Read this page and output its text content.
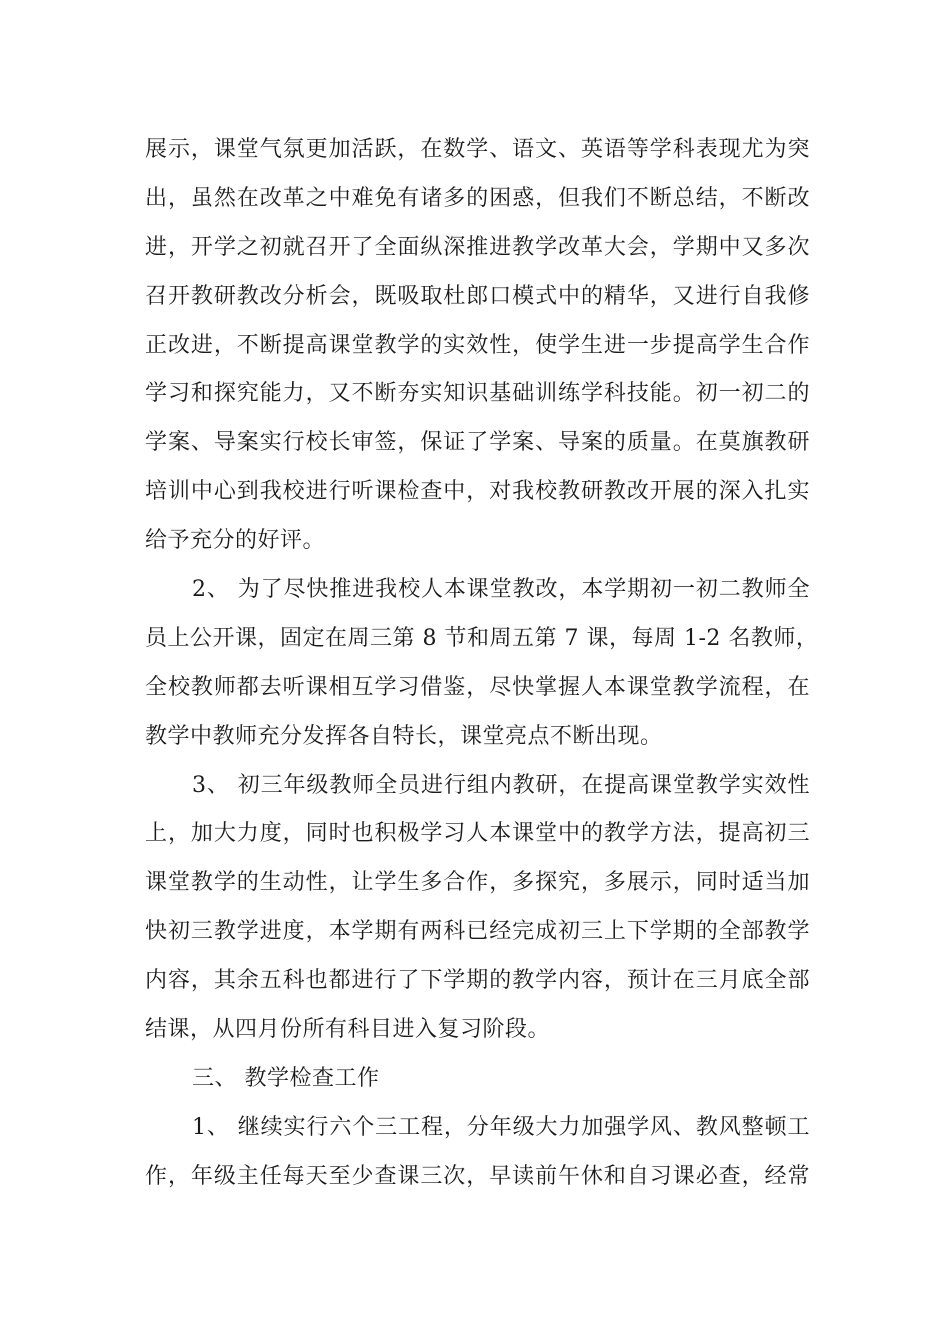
展示，课堂气氛更加活跃，在数学、语文、英语等学科表现尤为突
出，虽然在改革之中难免有诸多的困惑，但我们不断总结，不断改
进，开学之初就召开了全面纵深推进教学改革大会，学期中又多次
召开教研教改分析会，既吸取杜郎口模式中的精华，又进行自我修
正改进，不断提高课堂教学的实效性，使学生进一步提高学生合作
学习和探究能力，又不断夯实知识基础训练学科技能。初一初二的
学案、导案实行校长审签，保证了学案、导案的质量。在莫旗教研
培训中心到我校进行听课检查中，对我校教研教改开展的深入扎实
给予充分的好评。
2、 为了尽快推进我校人本课堂教改，本学期初一初二教师全
员上公开课，固定在周三第 8 节和周五第 7 课，每周 1-2 名教师，
全校教师都去听课相互学习借鉴，尽快掌握人本课堂教学流程，在
教学中教师充分发挥各自特长，课堂亮点不断出现。
3、 初三年级教师全员进行组内教研，在提高课堂教学实效性
上，加大力度，同时也积极学习人本课堂中的教学方法，提高初三
课堂教学的生动性，让学生多合作，多探究，多展示，同时适当加
快初三教学进度，本学期有两科已经完成初三上下学期的全部教学
内容，其余五科也都进行了下学期的教学内容，预计在三月底全部
结课，从四月份所有科目进入复习阶段。
三、 教学检查工作
1、 继续实行六个三工程，分年级大力加强学风、教风整顿工
作，年级主任每天至少查课三次，早读前午休和自习课必查，经常
